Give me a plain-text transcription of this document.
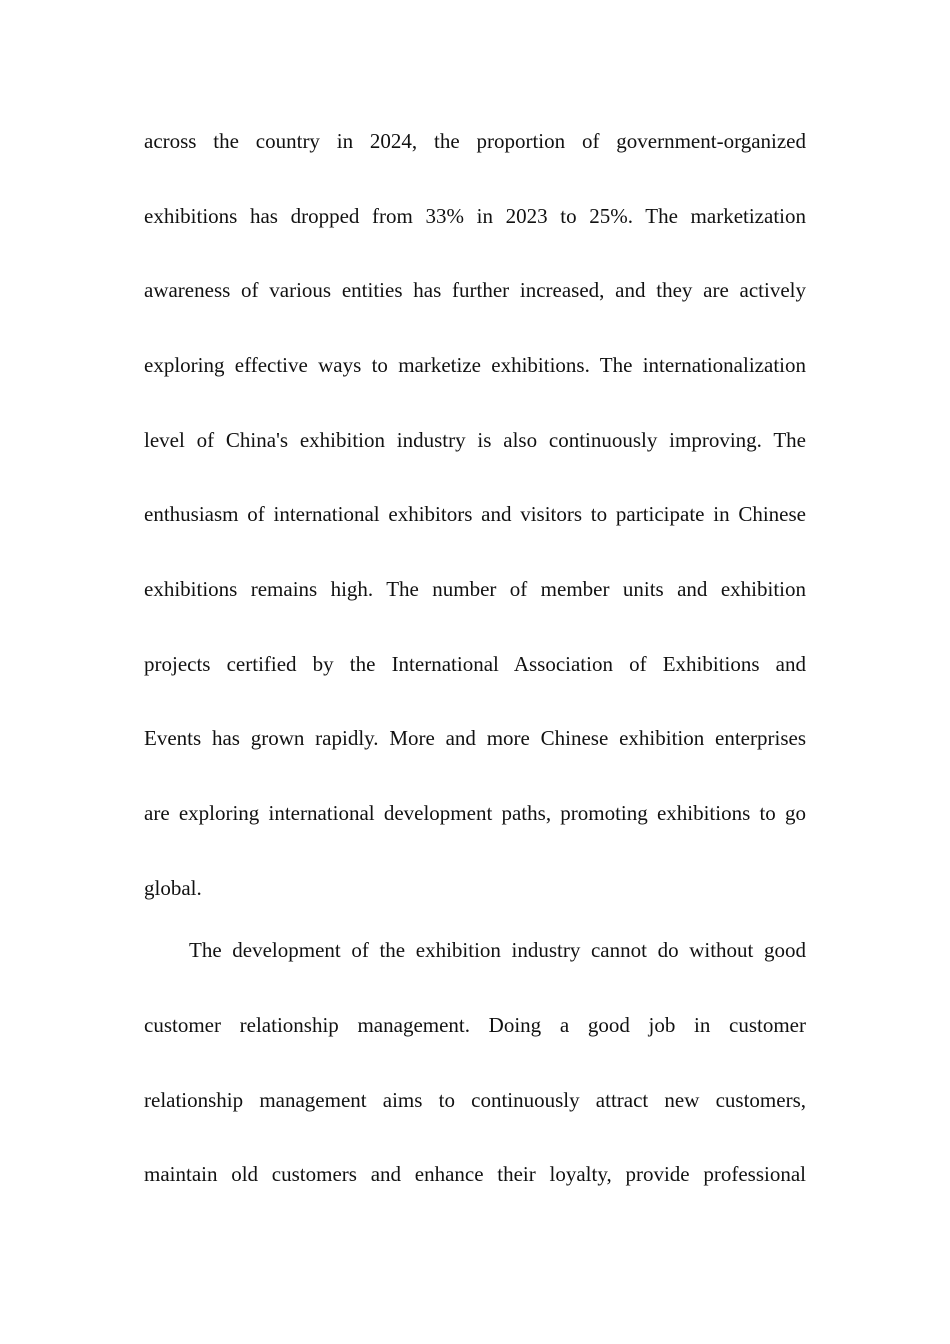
across the country in 2024, the proportion of government-organized
exhibitions has dropped from 33% in 2023 to 25%. The marketization
awareness of various entities has further increased, and they are actively
exploring effective ways to marketize exhibitions. The internationalization
level of China's exhibition industry is also continuously improving. The
enthusiasm of international exhibitors and visitors to participate in Chinese
exhibitions remains high. The number of member units and exhibition
projects certified by the International Association of Exhibitions and
Events has grown rapidly. More and more Chinese exhibition enterprises
are exploring international development paths, promoting exhibitions to go
global.
The development of the exhibition industry cannot do without good
customer relationship management. Doing a good job in customer
relationship management aims to continuously attract new customers,
maintain old customers and enhance their loyalty, provide professional
